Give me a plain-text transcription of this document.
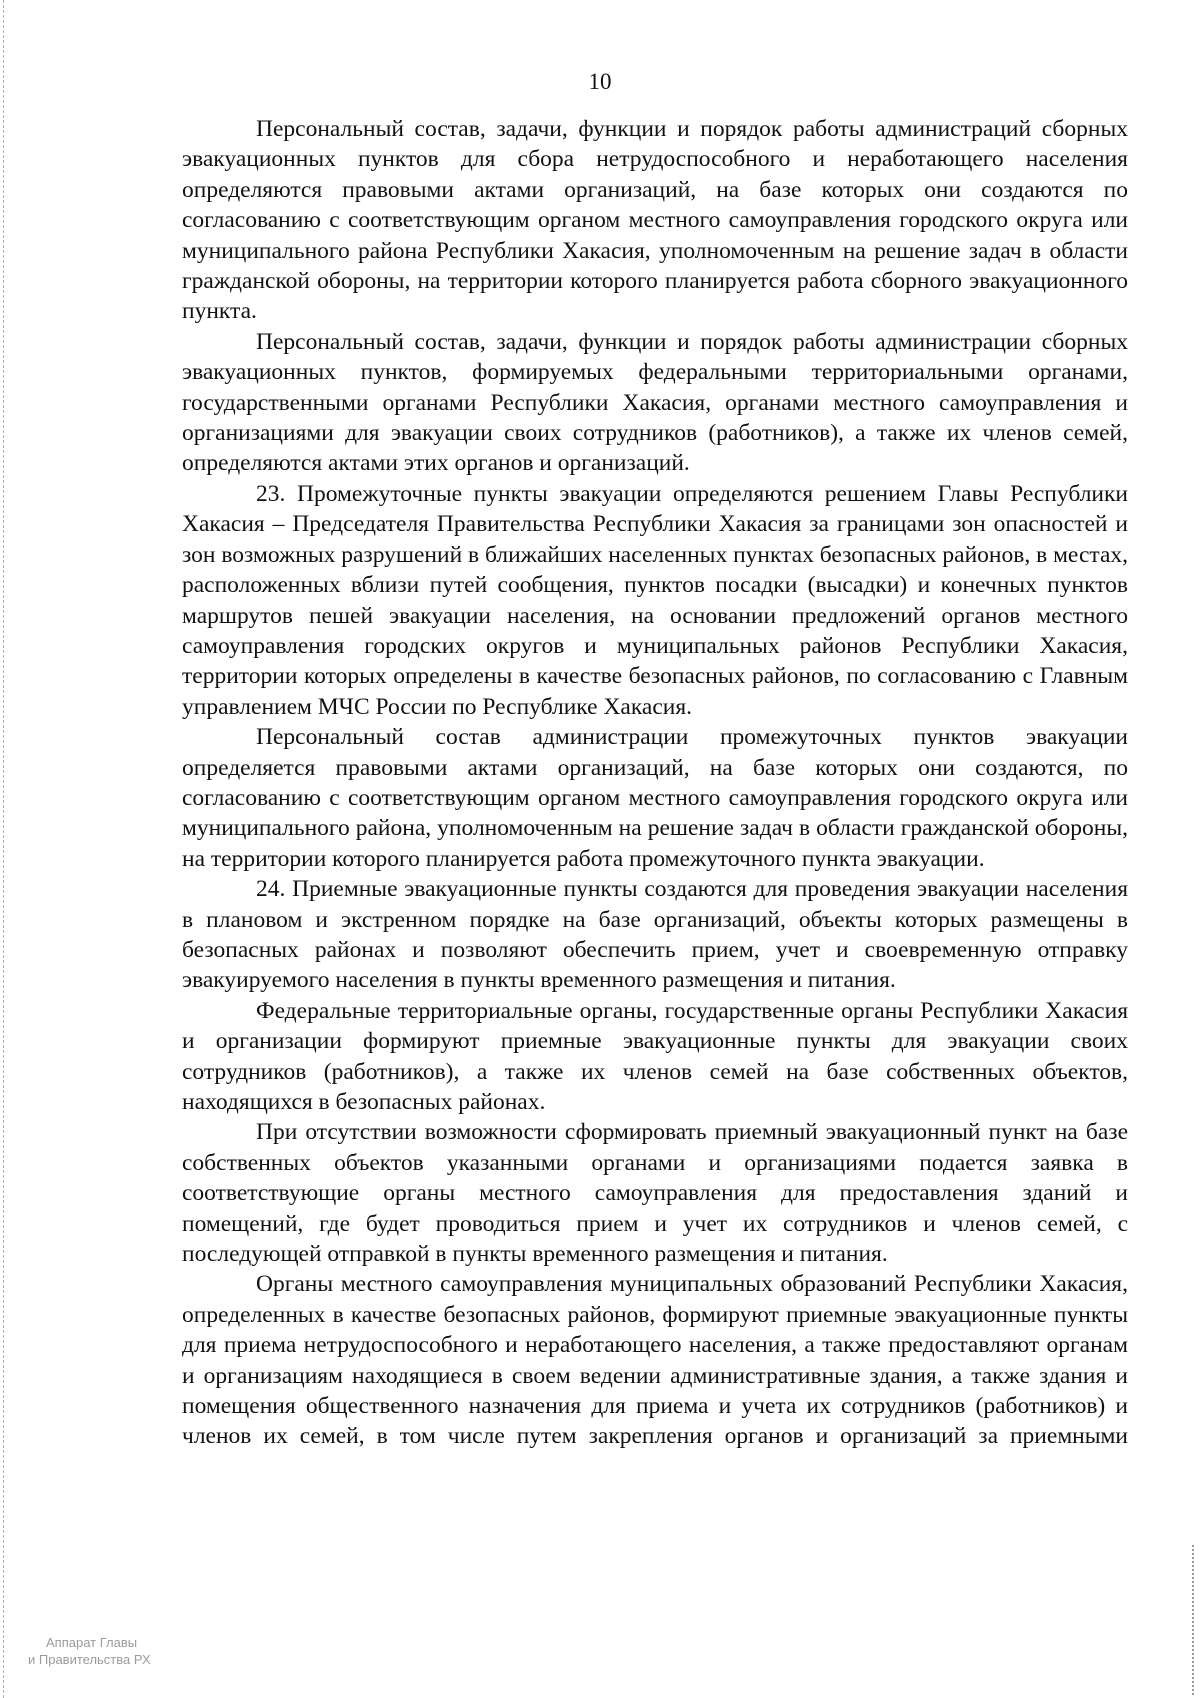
10

Персональный состав, задачи, функции и порядок работы администраций сборных эвакуационных пунктов для сбора нетрудоспособного и неработающего населения определяются правовыми актами организаций, на базе которых они создаются по согласованию с соответствующим органом местного самоуправления городского округа или муниципального района Республики Хакасия, уполномоченным на решение задач в области гражданской обороны, на территории которого планируется работа сборного эвакуационного пункта.

Персональный состав, задачи, функции и порядок работы администрации сборных эвакуационных пунктов, формируемых федеральными территориальными органами, государственными органами Республики Хакасия, органами местного самоуправления и организациями для эвакуации своих сотрудников (работников), а также их членов семей, определяются актами этих органов и организаций.

23. Промежуточные пункты эвакуации определяются решением Главы Республики Хакасия – Председателя Правительства Республики Хакасия за границами зон опасностей и зон возможных разрушений в ближайших населенных пунктах безопасных районов, в местах, расположенных вблизи путей сообщения, пунктов посадки (высадки) и конечных пунктов маршрутов пешей эвакуации населения, на основании предложений органов местного самоуправления городских округов и муниципальных районов Республики Хакасия, территории которых определены в качестве безопасных районов, по согласованию с Главным управлением МЧС России по Республике Хакасия.

Персональный состав администрации промежуточных пунктов эвакуации определяется правовыми актами организаций, на базе которых они создаются, по согласованию с соответствующим органом местного самоуправления городского округа или муниципального района, уполномоченным на решение задач в области гражданской обороны, на территории которого планируется работа промежуточного пункта эвакуации.

24. Приемные эвакуационные пункты создаются для проведения эвакуации населения в плановом и экстренном порядке на базе организаций, объекты которых размещены в безопасных районах и позволяют обеспечить прием, учет и своевременную отправку эвакуируемого населения в пункты временного размещения и питания.

Федеральные территориальные органы, государственные органы Республики Хакасия и организации формируют приемные эвакуационные пункты для эвакуации своих сотрудников (работников), а также их членов семей на базе собственных объектов, находящихся в безопасных районах.

При отсутствии возможности сформировать приемный эвакуационный пункт на базе собственных объектов указанными органами и организациями подается заявка в соответствующие органы местного самоуправления для предоставления зданий и помещений, где будет проводиться прием и учет их сотрудников и членов семей, с последующей отправкой в пункты временного размещения и питания.

Органы местного самоуправления муниципальных образований Республики Хакасия, определенных в качестве безопасных районов, формируют приемные эвакуационные пункты для приема нетрудоспособного и неработающего населения, а также предоставляют органам и организациям находящиеся в своем ведении административные здания, а также здания и помещения общественного назначения для приема и учета их сотрудников (работников) и членов их семей, в том числе путем закрепления органов и организаций за приемными

Аппарат Главы
и Правительства РХ
